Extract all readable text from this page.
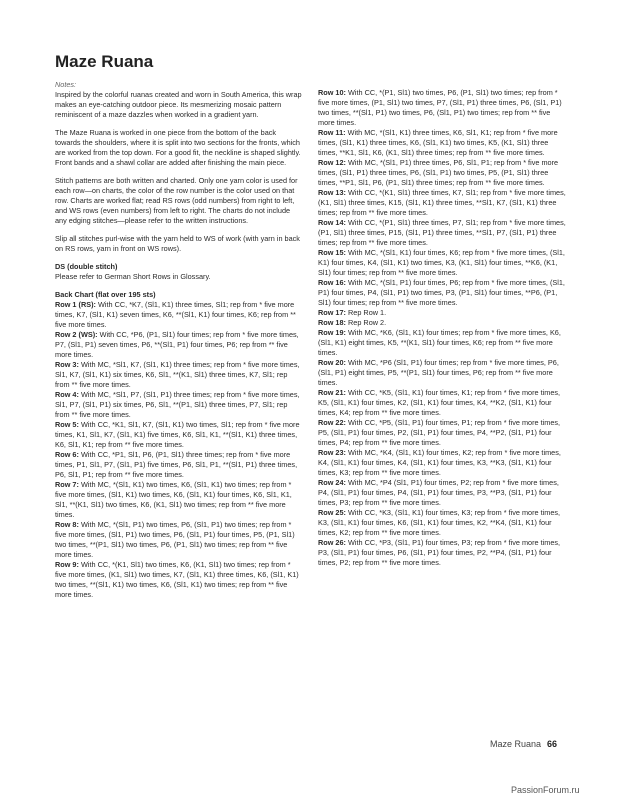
Maze Ruana

Notes:

Inspired by the colorful ruanas created and worn in South America, this wrap makes an eye-catching outdoor piece. Its mesmerizing mosaic pattern reminiscent of a maze dazzles when worked in a gradient yarn.

The Maze Ruana is worked in one piece from the bottom of the back towards the shoulders, where it is split into two sections for the fronts, which are worked from the top down. For a good fit, the neckline is shaped slightly. Front bands and a shawl collar are added after finishing the main piece.

Stitch patterns are both written and charted. Only one yarn color is used for each row—on charts, the color of the row number is the color used on that row. Charts are worked flat; read RS rows (odd numbers) from right to left, and WS rows (even numbers) from left to right. The charts do not include any edging stitches—please refer to the written instructions.

Slip all stitches purl-wise with the yarn held to WS of work (with yarn in back on RS rows, yarn in front on WS rows).

DS (double stitch)

Please refer to German Short Rows in Glossary.

Back Chart (flat over 195 sts)

Row 1 (RS): With CC, *K7, (Sl1, K1) three times, Sl1; rep from * five more times, K7, (Sl1, K1) seven times, K6, **(Sl1, K1) four times, K6; rep from ** five more times.

Row 2 (WS): With CC, *P6, (P1, Sl1) four times; rep from * five more times, P7, (Sl1, P1) seven times, P6, **(Sl1, P1) four times, P6; rep from ** five more times.

Row 3: With MC, *Sl1, K7, (Sl1, K1) three times; rep from * five more times, Sl1, K7, (Sl1, K1) six times, K6, Sl1, **(K1, Sl1) three times, K7, Sl1; rep from ** five more times.

Row 4: With MC, *Sl1, P7, (Sl1, P1) three times; rep from * five more times, Sl1, P7, (Sl1, P1) six times, P6, Sl1, **(P1, Sl1) three times, P7, Sl1; rep from ** five more times.

Row 5: With CC, *K1, Sl1, K7, (Sl1, K1) two times, Sl1; rep from * five more times, K1, Sl1, K7, (Sl1, K1) five times, K6, Sl1, K1, **(Sl1, K1) three times, K6, Sl1, K1; rep from ** five more times.

Row 6: With CC, *P1, Sl1, P6, (P1, Sl1) three times; rep from * five more times, P1, Sl1, P7, (Sl1, P1) five times, P6, Sl1, P1, **(Sl1, P1) three times, P6, Sl1, P1; rep from ** five more times.

Row 7: With MC, *(Sl1, K1) two times, K6, (Sl1, K1) two times; rep from * five more times, (Sl1, K1) two times, K6, (Sl1, K1) four times, K6, Sl1, K1, Sl1, **(K1, Sl1) two times, K6, (K1, Sl1) two times; rep from ** five more times.

Row 8: With MC, *(Sl1, P1) two times, P6, (Sl1, P1) two times; rep from * five more times, (Sl1, P1) two times, P6, (Sl1, P1) four times, P5, (P1, Sl1) two times, **(P1, Sl1) two times, P6, (P1, Sl1) two times; rep from ** five more times.

Row 9: With CC, *(K1, Sl1) two times, K6, (K1, Sl1) two times; rep from * five more times, (K1, Sl1) two times, K7, (Sl1, K1) three times, K6, (Sl1, K1) two times, **(Sl1, K1) two times, K6, (Sl1, K1) two times; rep from ** five more times.

Row 10: With CC, *(P1, Sl1) two times, P6, (P1, Sl1) two times; rep from * five more times, (P1, Sl1) two times, P7, (Sl1, P1) three times, P6, (Sl1, P1) two times, **(Sl1, P1) two times, P6, (Sl1, P1) two times; rep from ** five more times.

Row 11: With MC, *(Sl1, K1) three times, K6, Sl1, K1; rep from * five more times, (Sl1, K1) three times, K6, (Sl1, K1) two times, K5, (K1, Sl1) three times, **K1, Sl1, K6, (K1, Sl1) three times; rep from ** five more times.

Row 12: With MC, *(Sl1, P1) three times, P6, Sl1, P1; rep from * five more times, (Sl1, P1) three times, P6, (Sl1, P1) two times, P5, (P1, Sl1) three times, **P1, Sl1, P6, (P1, Sl1) three times; rep from ** five more times.

Row 13: With CC, *(K1, Sl1) three times, K7, Sl1; rep from * five more times, (K1, Sl1) three times, K15, (Sl1, K1) three times, **Sl1, K7, (Sl1, K1) three times; rep from ** five more times.

Row 14: With CC, *(P1, Sl1) three times, P7, Sl1; rep from * five more times, (P1, Sl1) three times, P15, (Sl1, P1) three times, **Sl1, P7, (Sl1, P1) three times; rep from ** five more times.

Row 15: With MC, *(Sl1, K1) four times, K6; rep from * five more times, (Sl1, K1) four times, K4, (Sl1, K1) two times, K3, (K1, Sl1) four times, **K6, (K1, Sl1) four times; rep from ** five more times.

Row 16: With MC, *(Sl1, P1) four times, P6; rep from * five more times, (Sl1, P1) four times, P4, (Sl1, P1) two times, P3, (P1, Sl1) four times, **P6, (P1, Sl1) four times; rep from ** five more times.

Row 17: Rep Row 1.

Row 18: Rep Row 2.

Row 19: With MC, *K6, (Sl1, K1) four times; rep from * five more times, K6, (Sl1, K1) eight times, K5, **(K1, Sl1) four times, K6; rep from ** five more times.

Row 20: With MC, *P6 (Sl1, P1) four times; rep from * five more times, P6, (Sl1, P1) eight times, P5, **(P1, Sl1) four times, P6; rep from ** five more times.

Row 21: With CC, *K5, (Sl1, K1) four times, K1; rep from * five more times, K5, (Sl1, K1) four times, K2, (Sl1, K1) four times, K4, **K2, (Sl1, K1) four times, K4; rep from ** five more times.

Row 22: With CC, *P5, (Sl1, P1) four times, P1; rep from * five more times, P5, (Sl1, P1) four times, P2, (Sl1, P1) four times, P4, **P2, (Sl1, P1) four times, P4; rep from ** five more times.

Row 23: With MC, *K4, (Sl1, K1) four times, K2; rep from * five more times, K4, (Sl1, K1) four times, K4, (Sl1, K1) four times, K3, **K3, (Sl1, K1) four times, K3; rep from ** five more times.

Row 24: With MC, *P4 (Sl1, P1) four times, P2; rep from * five more times, P4, (Sl1, P1) four times, P4, (Sl1, P1) four times, P3, **P3, (Sl1, P1) four times, P3; rep from ** five more times.

Row 25: With CC, *K3, (Sl1, K1) four times, K3; rep from * five more times, K3, (Sl1, K1) four times, K6, (Sl1, K1) four times, K2, **K4, (Sl1, K1) four times, K2; rep from ** five more times.

Row 26: With CC, *P3, (Sl1, P1) four times, P3; rep from * five more times, P3, (Sl1, P1) four times, P6, (Sl1, P1) four times, P2, **P4, (Sl1, P1) four times, P2; rep from ** five more times.

Maze Ruana 66
PassionForum.ru
